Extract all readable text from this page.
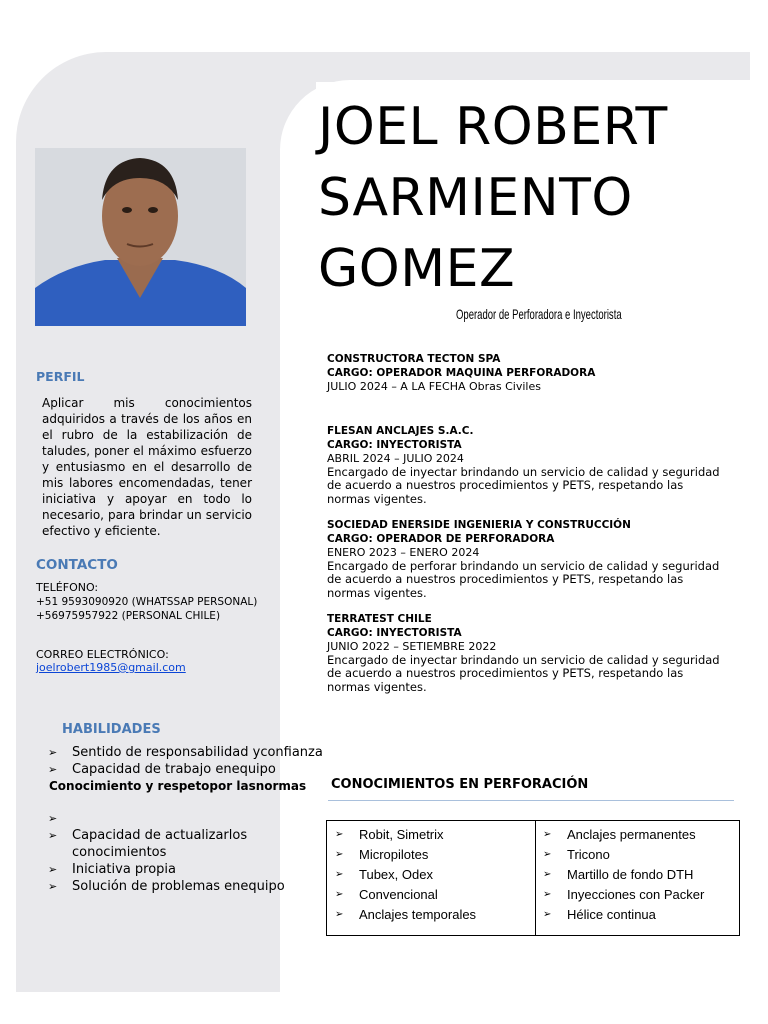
JOEL ROBERT
SARMIENTO
GOMEZ
Operador de Perforadora e Inyectorista
PERFIL
Aplicar mis conocimientos adquiridos a través de los años en el rubro de la estabilización de taludes, poner el máximo esfuerzo y entusiasmo en el desarrollo de mis labores encomendadas, tener iniciativa y apoyar en todo lo necesario, para brindar un servicio efectivo y eficiente.
CONTACTO
TELÉFONO:
+51 9593090920 (WHATSSAP PERSONAL)
+56975957922 (PERSONAL CHILE)
CORREO ELECTRÓNICO:
joelrobert1985@gmail.com
HABILIDADES
➢ Sentido de responsabilidad yconfianza
➢ Capacidad de trabajo enequipo
Conocimiento y respetopor lasnormas
➢
➢ Capacidad de actualizarlos conocimientos
➢ Iniciativa propia
➢ Solución de problemas enequipo
CONSTRUCTORA TECTON SPA
CARGO: OPERADOR MAQUINA PERFORADORA
JULIO 2024 – A LA FECHA Obras Civiles
FLESAN ANCLAJES S.A.C.
CARGO: INYECTORISTA
ABRIL 2024 – JULIO 2024
Encargado de inyectar brindando un servicio de calidad y seguridad de acuerdo a nuestros procedimientos y PETS, respetando las normas vigentes.
SOCIEDAD ENERSIDE INGENIERIA Y CONSTRUCCIÓN
CARGO: OPERADOR DE PERFORADORA
ENERO 2023 – ENERO 2024
Encargado de perforar brindando un servicio de calidad y seguridad de acuerdo a nuestros procedimientos y PETS, respetando las normas vigentes.
TERRATEST CHILE
CARGO: INYECTORISTA
JUNIO 2022 – SETIEMBRE 2022
Encargado de inyectar brindando un servicio de calidad y seguridad de acuerdo a nuestros procedimientos y PETS, respetando las normas vigentes.
CONOCIMIENTOS EN PERFORACIÓN
➢ Robit, Simetrix
➢ Micropilotes
➢ Tubex, Odex
➢ Convencional
➢ Anclajes temporales
➢ Anclajes permanentes
➢ Tricono
➢ Martillo de fondo DTH
➢ Inyecciones con Packer
➢ Hélice continua
